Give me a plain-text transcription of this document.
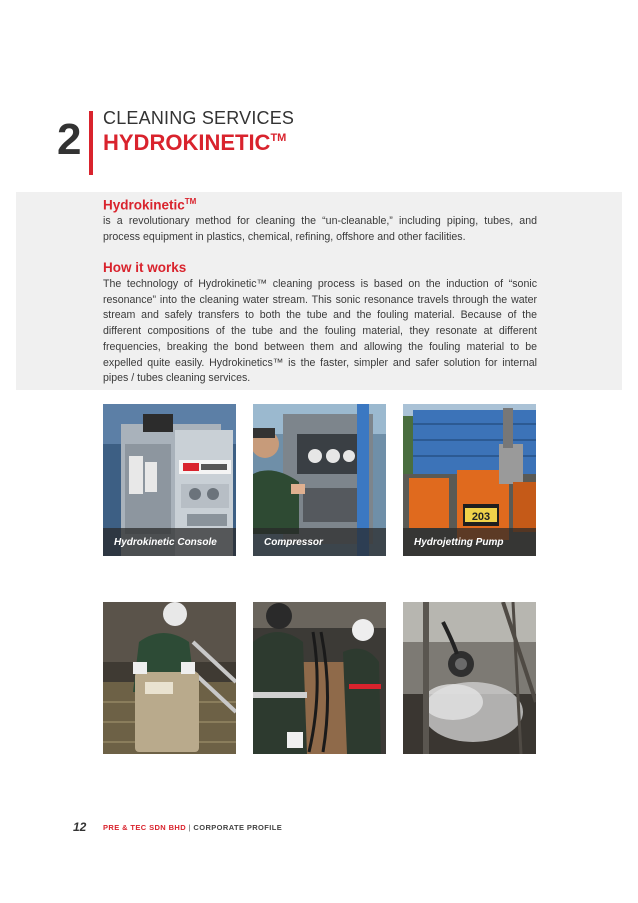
2 CLEANING SERVICES
HYDROKINETIC™
Hydrokinetic™

is a revolutionary method for cleaning the “un-cleanable,” including piping, tubes, and process equipment in plastics, chemical, refining, offshore and other facilities.

How it works

The technology of Hydrokinetic™ cleaning process is based on the induction of “sonic resonance” into the cleaning water stream. This sonic resonance travels through the water stream and safely transfers to both the tube and the fouling material. Because of the different compositions of the tube and the fouling material, they resonate at different frequencies, breaking the bond between them and allowing the fouling material to be expelled quite easily. Hydrokinetics™ is the faster, simpler and safer solution for internal pipes / tubes cleaning services.

Hydrokinetic Console	Compressor
203
Hydrojetting Pump
12 PRE & TEC SDN BHD | CORPORATE PROFILE
